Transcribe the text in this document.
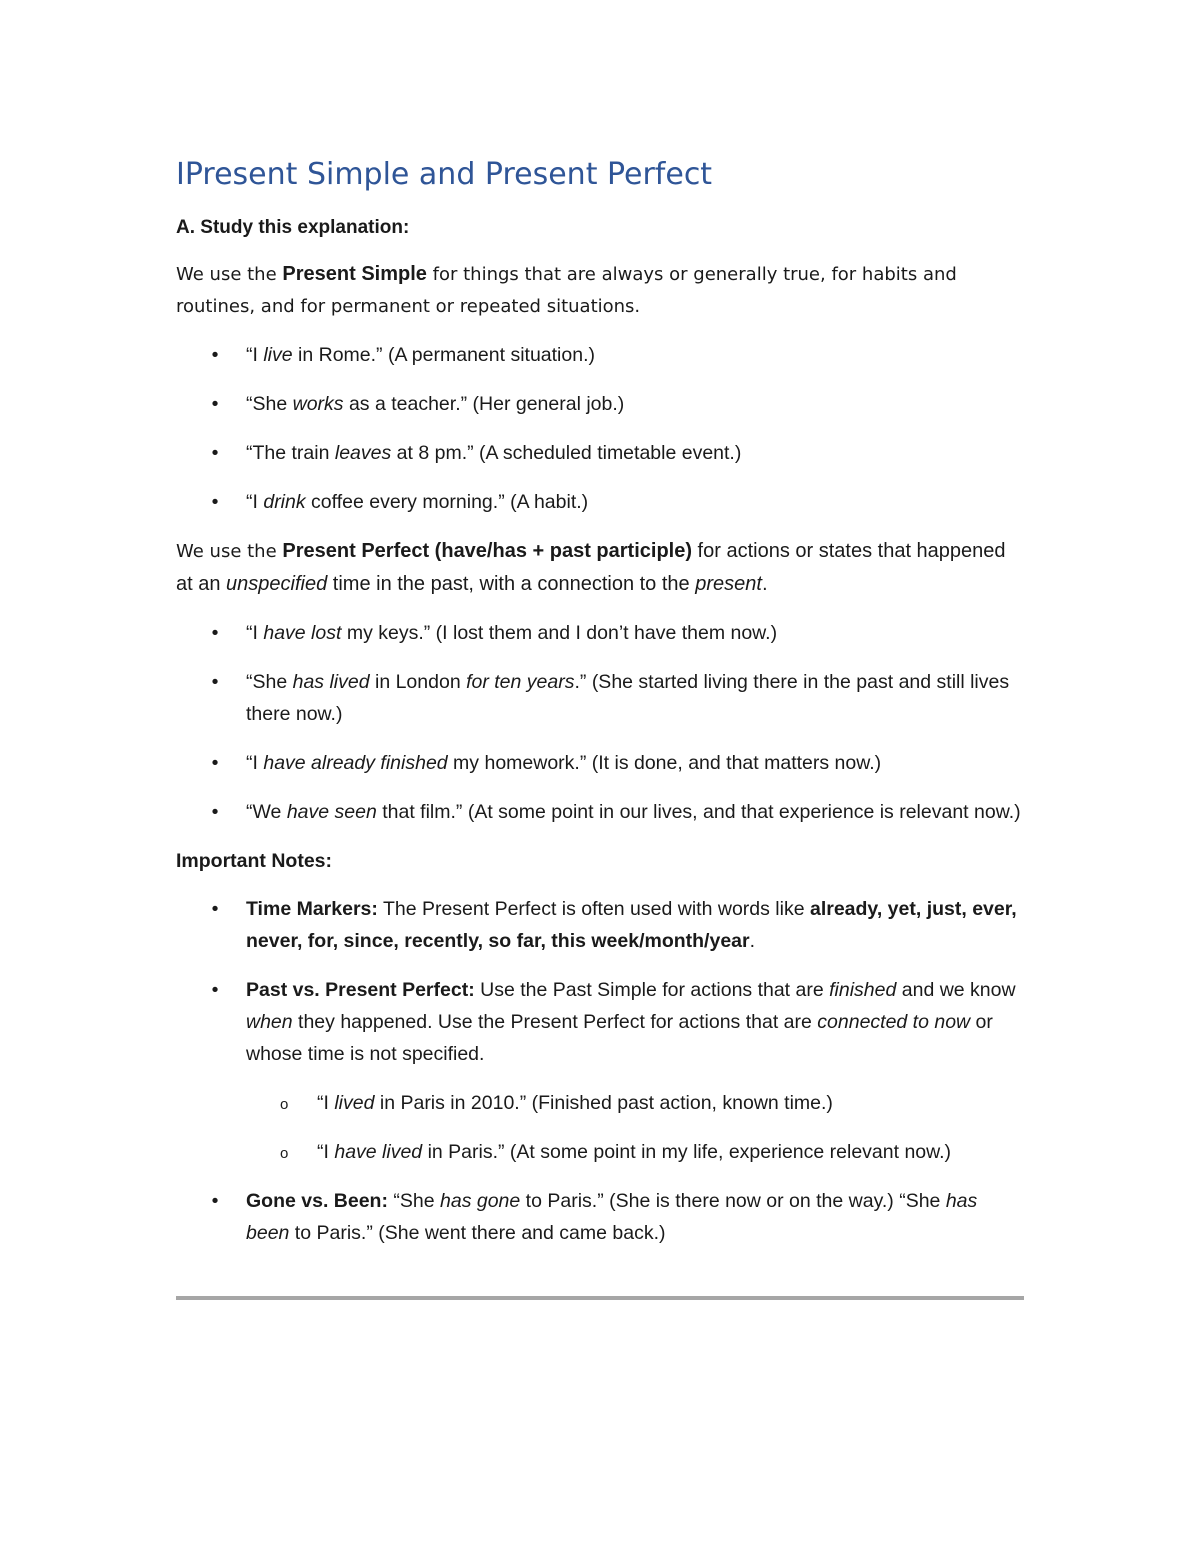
IPresent Simple and Present Perfect
A. Study this explanation:

We use the Present Simple for things that are always or generally true, for habits and routines, and for permanent or repeated situations.

• “I live in Rome.” (A permanent situation.)
• “She works as a teacher.” (Her general job.)
• “The train leaves at 8 pm.” (A scheduled timetable event.)
• “I drink coffee every morning.” (A habit.)

We use the Present Perfect (have/has + past participle) for actions or states that happened at an unspecified time in the past, with a connection to the present.

• “I have lost my keys.” (I lost them and I don’t have them now.)
• “She has lived in London for ten years.” (She started living there in the past and still lives there now.)
• “I have already finished my homework.” (It is done, and that matters now.)
• “We have seen that film.” (At some point in our lives, and that experience is relevant now.)
Important Notes:
• Time Markers: The Present Perfect is often used with words like already, yet, just, ever, never, for, since, recently, so far, this week/month/year.
• Past vs. Present Perfect: Use the Past Simple for actions that are finished and we know when they happened. Use the Present Perfect for actions that are connected to now or whose time is not specified.
o “I lived in Paris in 2010.” (Finished past action, known time.)
o “I have lived in Paris.” (At some point in my life, experience relevant now.)
• Gone vs. Been: “She has gone to Paris.” (She is there now or on the way.) “She has been to Paris.” (She went there and came back.)
